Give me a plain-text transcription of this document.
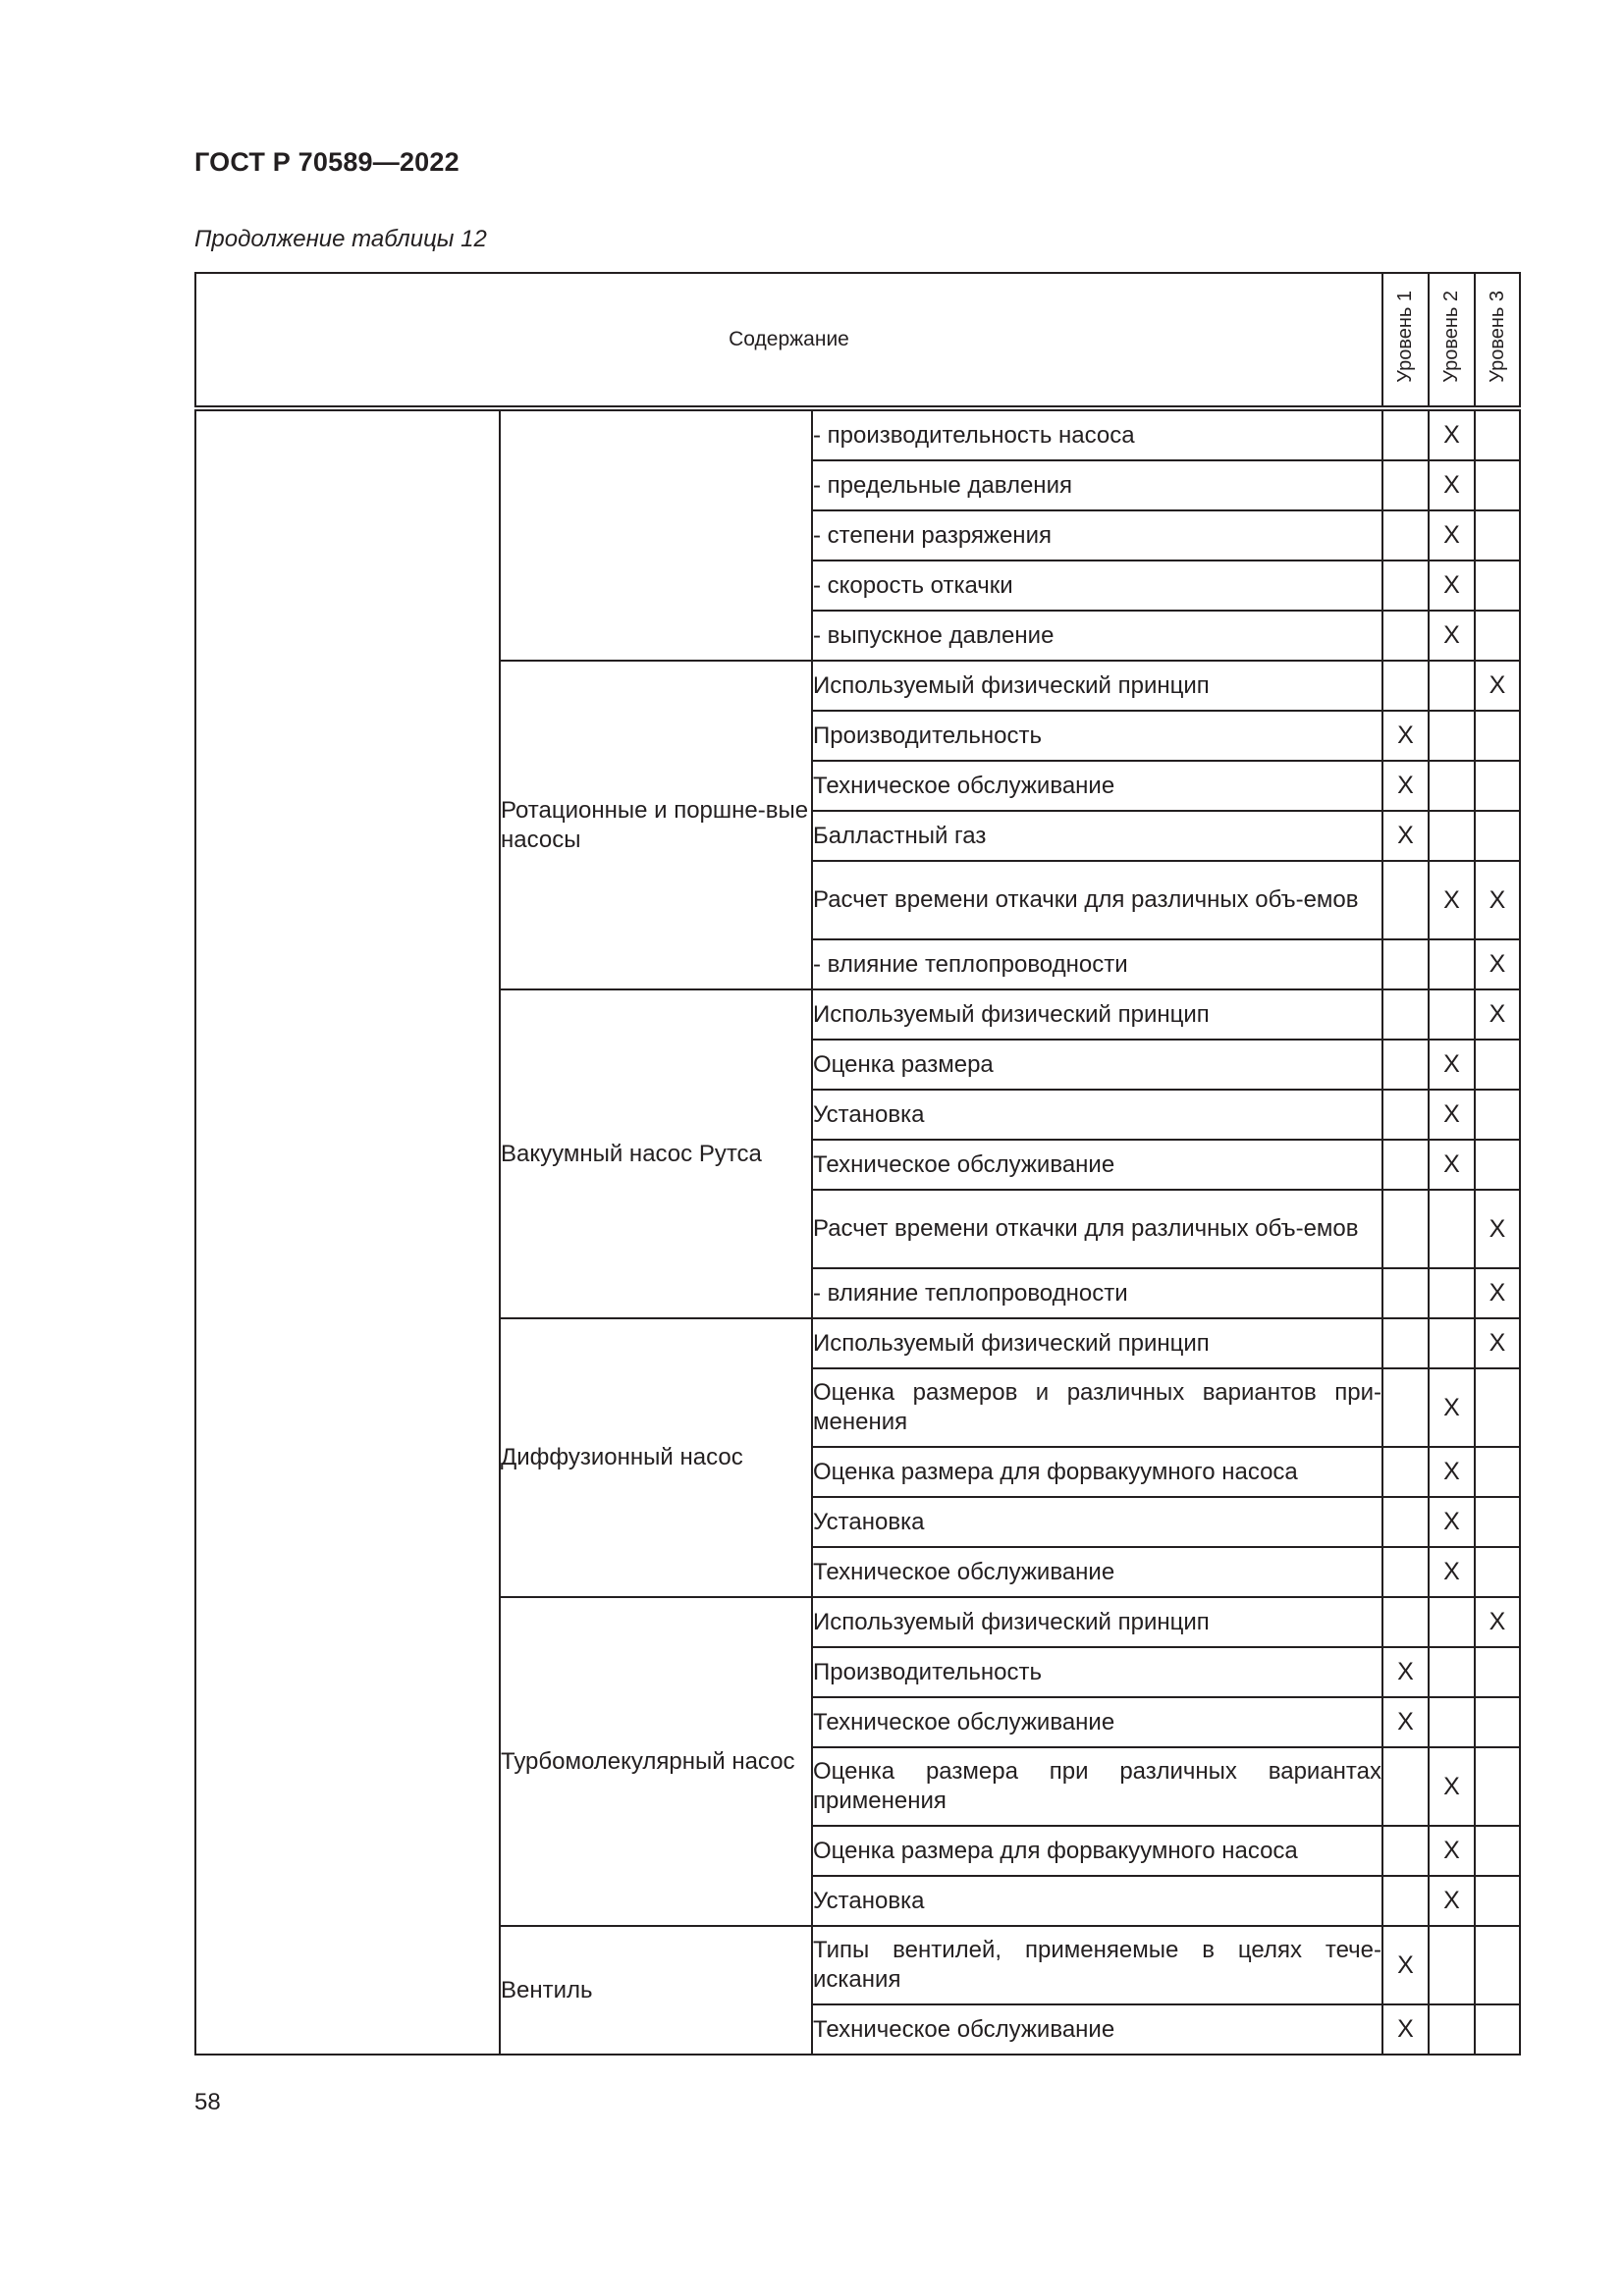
ГОСТ Р 70589—2022
Продолжение таблицы 12
Содержание			Уровень 1	Уровень 2	Уровень 3
		- производительность насоса		X	
		- предельные давления		X	
		- степени разряжения		X	
		- скорость откачки		X	
		- выпускное давление		X	
	Ротационные и поршне-вые насосы	Используемый физический принцип			X
		Производительность	X		
		Техническое обслуживание	X		
		Балластный газ	X		
		Расчет времени откачки для различных объ-емов		X	X
		- влияние теплопроводности			X
	Вакуумный насос Рутса	Используемый физический принцип			X
		Оценка размера		X	
		Установка		X	
		Техническое обслуживание		X	
		Расчет времени откачки для различных объ-емов			X
		- влияние теплопроводности			X
	Диффузионный насос	Используемый физический принцип			X
		Оценка размеров и различных вариантов при-менения		X	
		Оценка размера для форвакуумного насоса		X	
		Установка		X	
		Техническое обслуживание		X	
	Турбомолекулярный насос	Используемый физический принцип			X
		Производительность	X		
		Техническое обслуживание	X		
		Оценка размера при различных вариантах применения		X	
		Оценка размера для форвакуумного насоса		X	
		Установка		X	
	Вентиль	Типы вентилей, применяемые в целях тече-искания	X		
		Техническое обслуживание	X		
58
